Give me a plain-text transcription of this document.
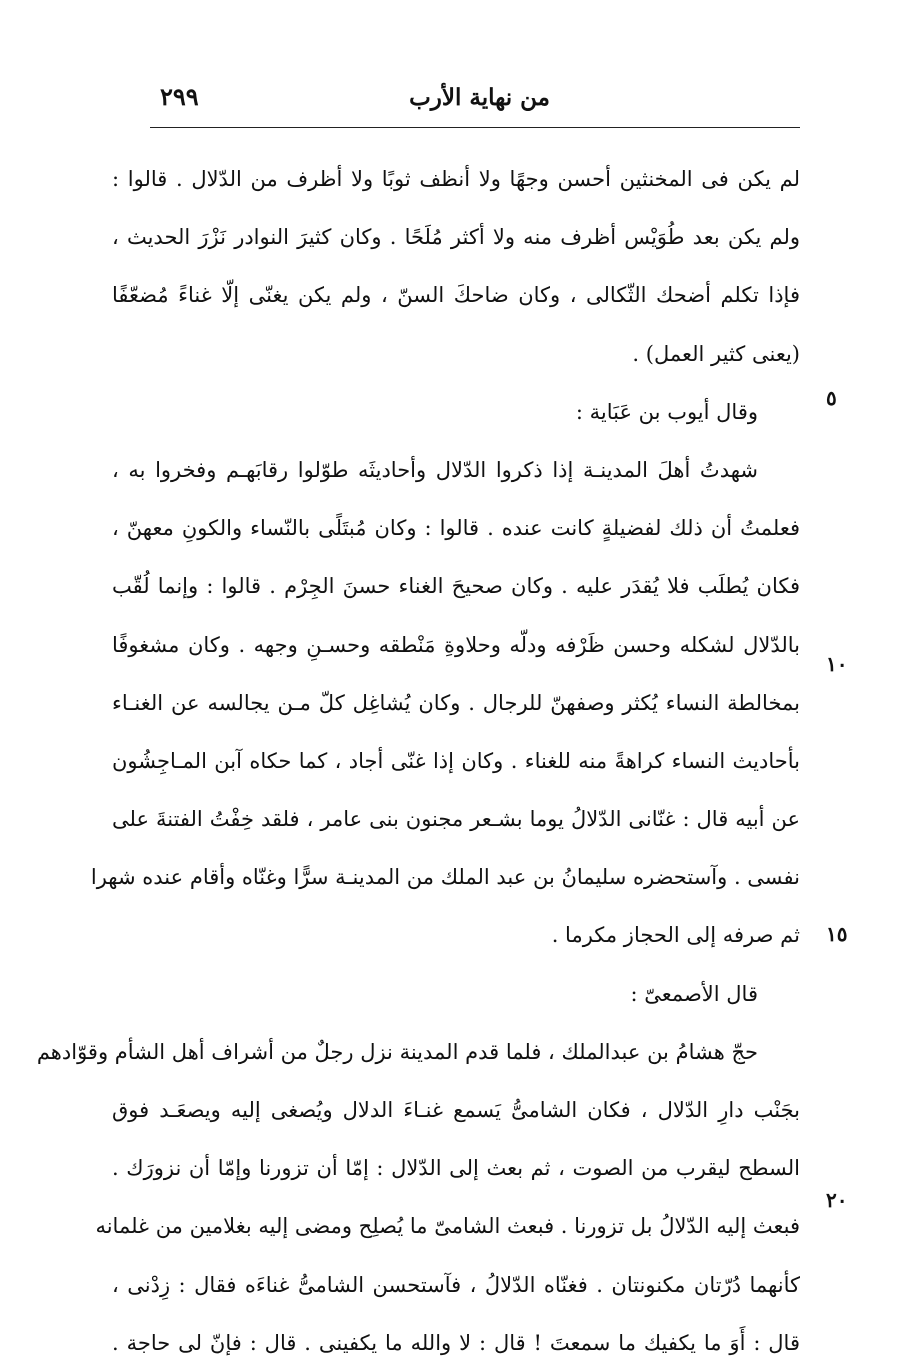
من نهاية الأرب
٢٩٩
لم يكن فى المخنثين أحسن وجهًا ولا أنظف ثوبًا ولا أظرف من الدّلال . قالوا :
ولم يكن بعد طُوَيْس أظرف منه ولا أكثر مُلَحًا . وكان كثيرَ النوادر نَزْرَ الحديث ،
فإذا تكلم أضحك الثّكالى ، وكان ضاحكَ السنّ ، ولم يكن يغنّى إلّا غناءً مُضعّفًا
(يعنى كثير العمل) .
وقال أيوب بن عَبَاية :
شهدتُ أهلَ المدينـة إذا ذكروا الدّلال وأحاديثَه طوّلوا رقابَهـم وفخروا به ،
فعلمتُ أن ذلك لفضيلةٍ كانت عنده . قالوا : وكان مُبتَلًى بالنّساء والكونِ معهنّ ،
فكان يُطلَب فلا يُقدَر عليه . وكان صحيحَ الغناء حسنَ الجِرْم . قالوا : وإنما لُقّب
بالدّلال لشكله وحسن ظَرْفه ودلّه وحلاوةِ مَنْطقه وحسـنِ وجهه . وكان مشغوفًا
بمخالطة النساء يُكثر وصفهنّ للرجال . وكان يُشاغِل كلّ مـن يجالسه عن الغنـاء
بأحاديث النساء كراهةً منه للغناء . وكان إذا غنّى أجاد ، كما حكاه آبن المـاجِشُون
عن أبيه قال : غنّانى الدّلالُ يوما بشـعر مجنون بنى عامر ، فلقد خِفْتُ الفتنةَ على
نفسى . وآستحضره سليمانُ بن عبد الملك من المدينـة سرًّا وغنّاه وأقام عنده شهرا
ثم صرفه إلى الحجاز مكرما .
قال الأصمعىّ :
حجّ هشامُ بن عبدالملك ، فلما قدم المدينة نزل رجلٌ من أشراف أهل الشأم وقوّادهم
بجَنْب دارِ الدّلال ، فكان الشامىُّ يَسمع غنـاءَ الدلال ويُصغى إليه ويصعَـد فوق
السطح ليقرب من الصوت ، ثم بعث إلى الدّلال : إمّا أن تزورنا وإمّا أن نزورَك .
فبعث إليه الدّلالُ بل تزورنا . فبعث الشامىّ ما يُصلِح ومضى إليه بغلامين من غلمانه
كأنهما دُرّتان مكنونتان . فغنّاه الدّلالُ ، فآستحسن الشامىُّ غناءَه فقال : زِدْنى ،
قال : أَوَ ما يكفيك ما سمعتَ ! قال : لا والله ما يكفينى . قال : فإنّ لى حاجة .
٥
١٠
١٥
٢٠
